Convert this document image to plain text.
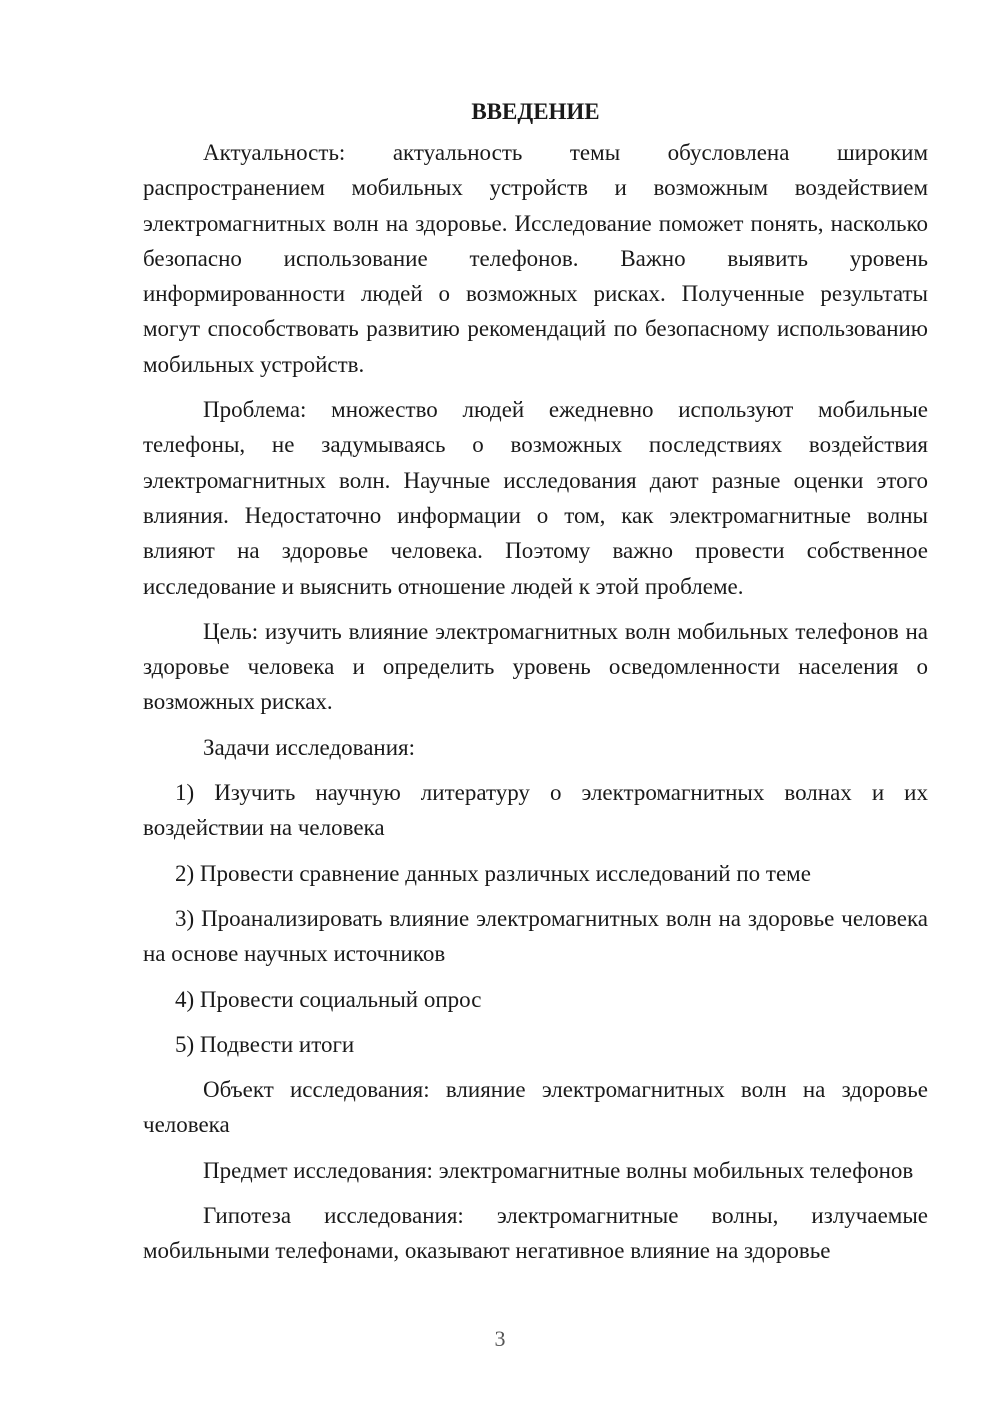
ВВЕДЕНИЕ

Актуальность: актуальность темы обусловлена широким распространением мобильных устройств и возможным воздействием электромагнитных волн на здоровье. Исследование поможет понять, насколько безопасно использование телефонов. Важно выявить уровень информированности людей о возможных рисках. Полученные результаты могут способствовать развитию рекомендаций по безопасному использованию мобильных устройств.

Проблема: множество людей ежедневно используют мобильные телефоны, не задумываясь о возможных последствиях воздействия электромагнитных волн. Научные исследования дают разные оценки этого влияния. Недостаточно информации о том, как электромагнитные волны влияют на здоровье человека. Поэтому важно провести собственное исследование и выяснить отношение людей к этой проблеме.

Цель: изучить влияние электромагнитных волн мобильных телефонов на здоровье человека и определить уровень осведомленности населения о возможных рисках.

Задачи исследования:

1) Изучить научную литературу о электромагнитных волнах и их воздействии на человека

2) Провести сравнение данных различных исследований по теме

3) Проанализировать влияние электромагнитных волн на здоровье человека на основе научных источников

4) Провести социальный опрос

5) Подвести итоги

Объект исследования: влияние электромагнитных волн на здоровье человека

Предмет исследования: электромагнитные волны мобильных телефонов

Гипотеза исследования: электромагнитные волны, излучаемые мобильными телефонами, оказывают негативное влияние на здоровье

3
